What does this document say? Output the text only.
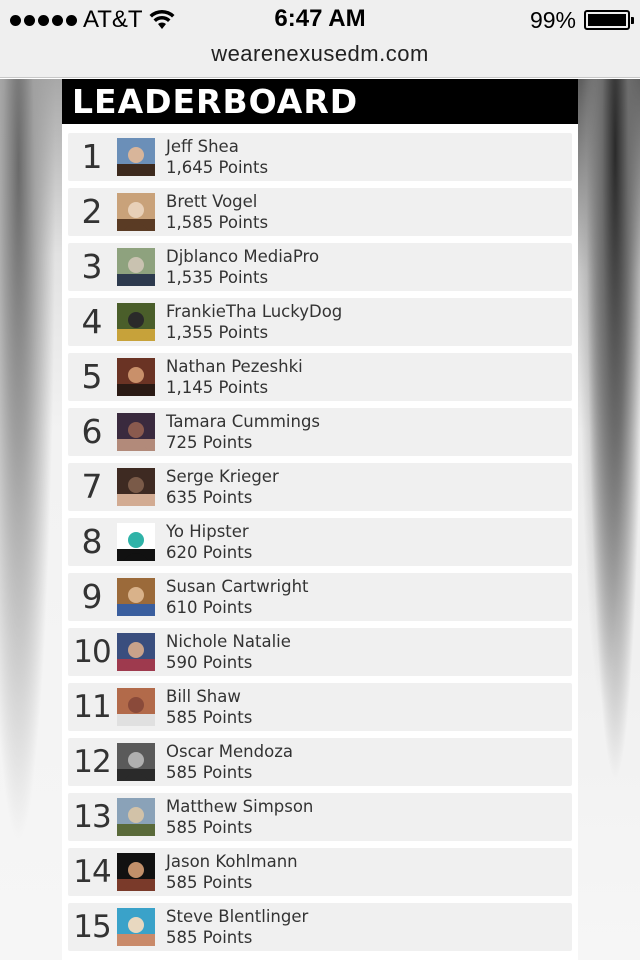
AT&T	6:47 AM	99%
wearenexusedm.com
LEADERBOARD
1	Jeff Shea
1,645 Points
2	Brett Vogel
1,585 Points
3	Djblanco MediaPro
1,535 Points
4	FrankieTha LuckyDog
1,355 Points
5	Nathan Pezeshki
1,145 Points
6	Tamara Cummings
725 Points
7	Serge Krieger
635 Points
8	Yo Hipster
620 Points
9	Susan Cartwright
610 Points
10	Nichole Natalie
590 Points
11	Bill Shaw
585 Points
12	Oscar Mendoza
585 Points
13	Matthew Simpson
585 Points
14	Jason Kohlmann
585 Points
15	Steve Blentlinger
585 Points
